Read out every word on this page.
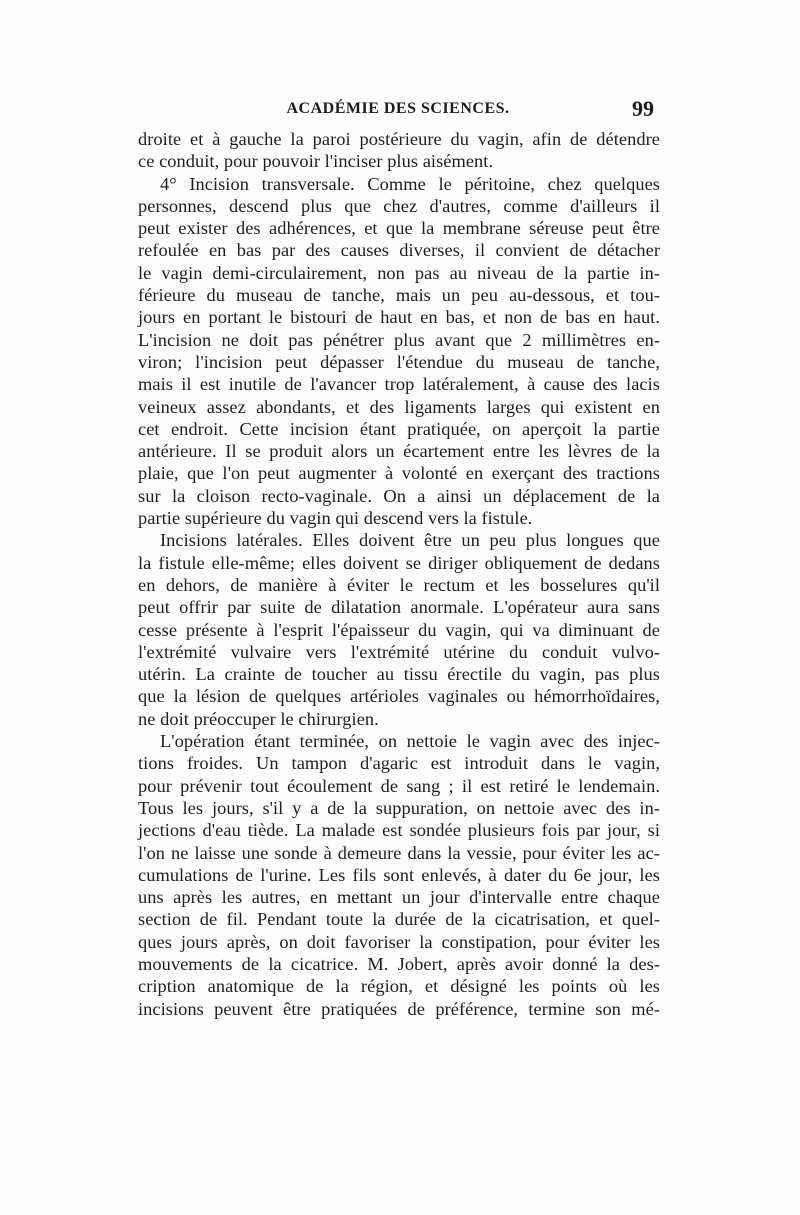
ACADÉMIE DES SCIENCES.	99
droite et à gauche la paroi postérieure du vagin, afin de détendre
ce conduit, pour pouvoir l'inciser plus aisément.
4° Incision transversale. Comme le péritoine, chez quelques
personnes, descend plus que chez d'autres, comme d'ailleurs il
peut exister des adhérences, et que la membrane séreuse peut être
refoulée en bas par des causes diverses, il convient de détacher
le vagin demi-circulairement, non pas au niveau de la partie in-
férieure du museau de tanche, mais un peu au-dessous, et tou-
jours en portant le bistouri de haut en bas, et non de bas en haut.
L'incision ne doit pas pénétrer plus avant que 2 millimètres en-
viron; l'incision peut dépasser l'étendue du museau de tanche,
mais il est inutile de l'avancer trop latéralement, à cause des lacis
veineux assez abondants, et des ligaments larges qui existent en
cet endroit. Cette incision étant pratiquée, on aperçoit la partie
antérieure. Il se produit alors un écartement entre les lèvres de la
plaie, que l'on peut augmenter à volonté en exerçant des tractions
sur la cloison recto-vaginale. On a ainsi un déplacement de la
partie supérieure du vagin qui descend vers la fistule.
Incisions latérales. Elles doivent être un peu plus longues que
la fistule elle-même; elles doivent se diriger obliquement de dedans
en dehors, de manière à éviter le rectum et les bosselures qu'il
peut offrir par suite de dilatation anormale. L'opérateur aura sans
cesse présente à l'esprit l'épaisseur du vagin, qui va diminuant de
l'extrémité vulvaire vers l'extrémité utérine du conduit vulvo-
utérin. La crainte de toucher au tissu érectile du vagin, pas plus
que la lésion de quelques artérioles vaginales ou hémorrhoïdaires,
ne doit préoccuper le chirurgien.
L'opération étant terminée, on nettoie le vagin avec des injec-
tions froides. Un tampon d'agaric est introduit dans le vagin,
pour prévenir tout écoulement de sang ; il est retiré le lendemain.
Tous les jours, s'il y a de la suppuration, on nettoie avec des in-
jections d'eau tiède. La malade est sondée plusieurs fois par jour, si
l'on ne laisse une sonde à demeure dans la vessie, pour éviter les ac-
cumulations de l'urine. Les fils sont enlevés, à dater du 6e jour, les
uns après les autres, en mettant un jour d'intervalle entre chaque
section de fil. Pendant toute la durée de la cicatrisation, et quel-
ques jours après, on doit favoriser la constipation, pour éviter les
mouvements de la cicatrice. M. Jobert, après avoir donné la des-
cription anatomique de la région, et désigné les points où les
incisions peuvent être pratiquées de préférence, termine son mé-
